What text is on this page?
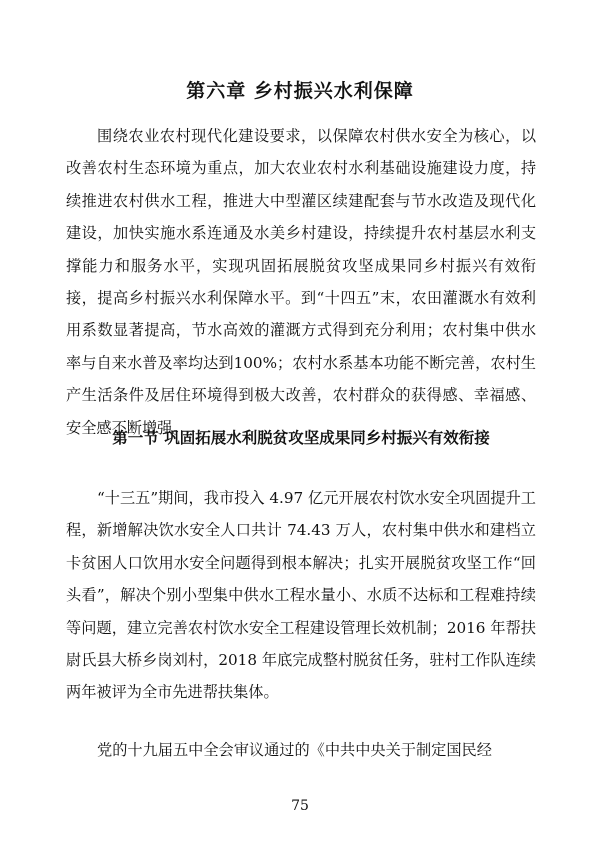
第六章 乡村振兴水利保障
围绕农业农村现代化建设要求，以保障农村供水安全为核心，以改善农村生态环境为重点，加大农业农村水利基础设施建设力度，持续推进农村供水工程，推进大中型灌区续建配套与节水改造及现代化建设，加快实施水系连通及水美乡村建设，持续提升农村基层水利支撑能力和服务水平，实现巩固拓展脱贫攻坚成果同乡村振兴有效衔接，提高乡村振兴水利保障水平。到“十四五”末，农田灌溉水有效利用系数显著提高，节水高效的灌溉方式得到充分利用；农村集中供水率与自来水普及率均达到100%；农村水系基本功能不断完善，农村生产生活条件及居住环境得到极大改善，农村群众的获得感、幸福感、安全感不断增强。
第一节 巩固拓展水利脱贫攻坚成果同乡村振兴有效衔接
“十三五”期间，我市投入 4.97 亿元开展农村饮水安全巩固提升工程，新增解决饮水安全人口共计 74.43 万人，农村集中供水和建档立卡贫困人口饮用水安全问题得到根本解决；扎实开展脱贫攻坚工作“回头看”，解决个别小型集中供水工程水量小、水质不达标和工程难持续等问题，建立完善农村饮水安全工程建设管理长效机制；2016 年帮扶尉氏县大桥乡岗刘村，2018 年底完成整村脱贫任务，驻村工作队连续两年被评为全市先进帮扶集体。
党的十九届五中全会审议通过的《中共中央关于制定国民经
75
